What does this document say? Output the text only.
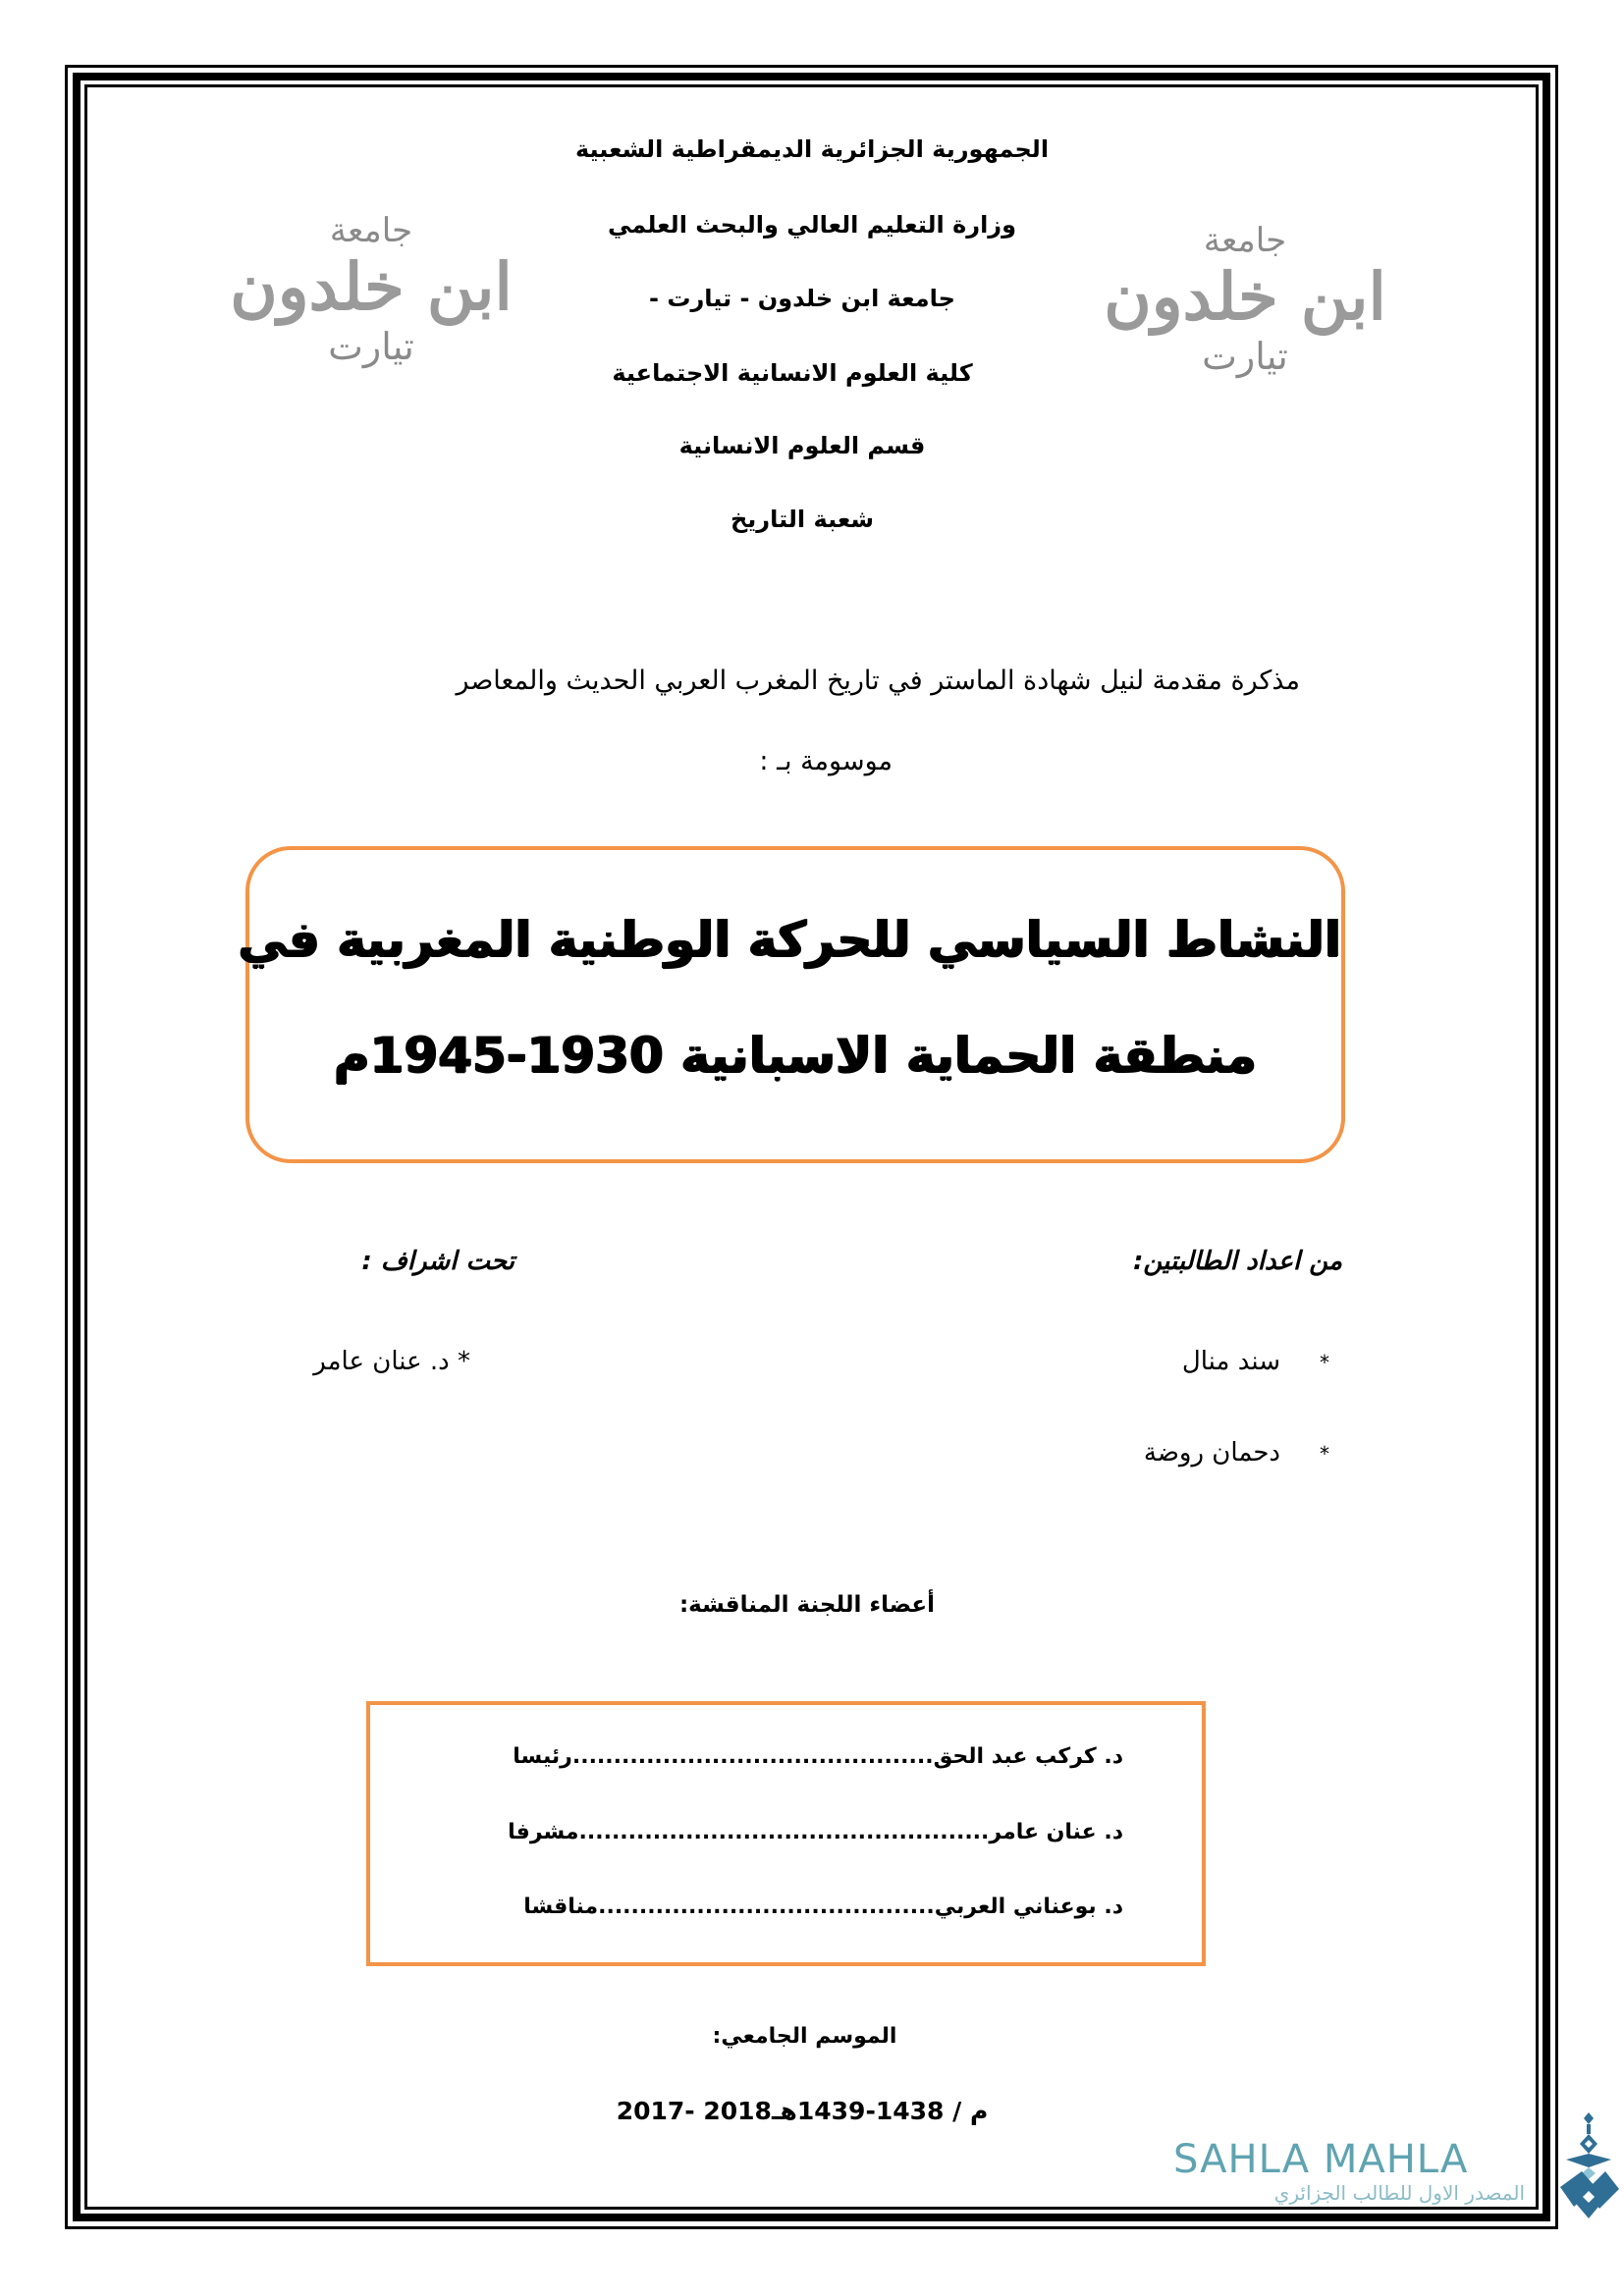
الجمهورية الجزائرية الديمقراطية الشعبية
وزارة التعليم العالي والبحث العلمي
جامعة ابن خلدون - تيارت -
كلية العلوم الانسانية الاجتماعية
قسم العلوم الانسانية
شعبة التاريخ
جامعة
ابن خلدون
تيارت
جامعة
ابن خلدون
تيارت
مذكرة مقدمة لنيل شهادة الماستر في تاريخ المغرب العربي الحديث والمعاصر
موسومة بـ :
النشاط السياسي للحركة الوطنية المغربية في
منطقة الحماية الاسبانية 1930-1945م
من اعداد الطالبتين:
*سند منال
*دحمان روضة
تحت اشراف :
* د. عنان عامر
أعضاء اللجنة المناقشة:
د. كركب عبد الحق............................................رئيسا
د. عنان عامر..................................................مشرفا
د. بوعناني العربي.........................................مناقشا
الموسم الجامعي:
2017- 2018م / 1438-1439هـ
SAHLA MAHLA
المصدر الاول للطالب الجزائري
